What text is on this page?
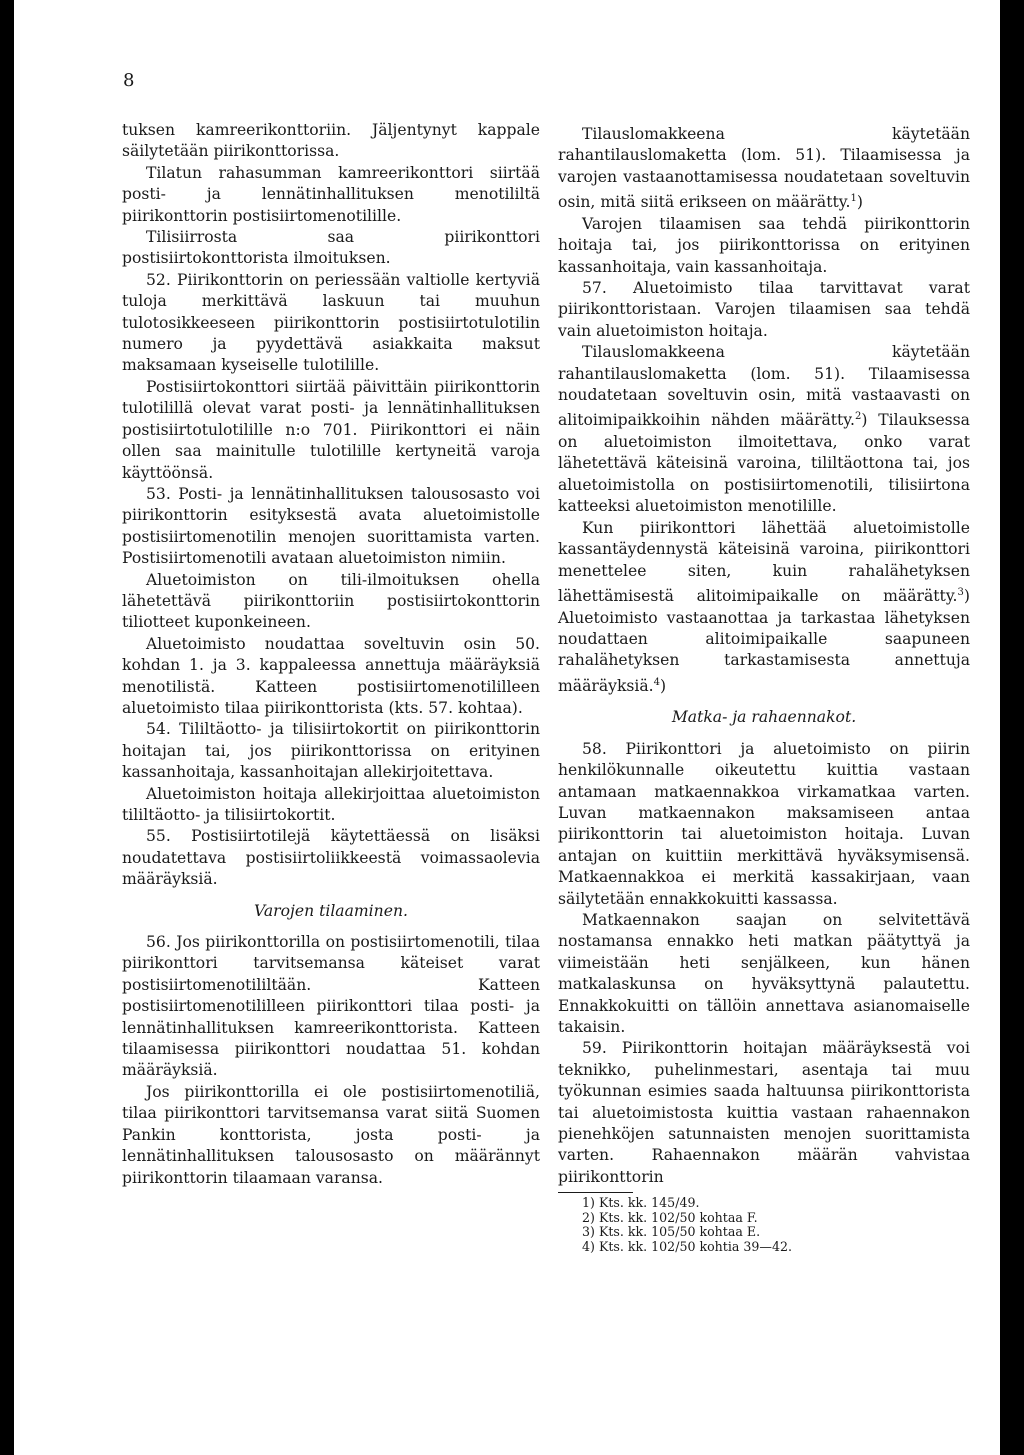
8

tuksen kamreerikonttoriin. Jäljentynyt kappale säilytetään piirikonttorissa.

Tilatun rahasumman kamreerikonttori siirtää posti- ja lennätinhallituksen menotililtä piirikonttorin postisiirtomenotilille.

Tilisiirrosta saa piirikonttori postisiirtokonttorista ilmoituksen.

52. Piirikonttorin on periessään valtiolle kertyviä tuloja merkittävä laskuun tai muuhun tulotosikkeeseen piirikonttorin postisiirtotulotilin numero ja pyydettävä asiakkaita maksut maksamaan kyseiselle tulotilille.

Postisiirtokonttori siirtää päivittäin piirikonttorin tulotilillä olevat varat posti- ja lennätinhallituksen postisiirtotulotilille n:o 701. Piirikonttori ei näin ollen saa mainitulle tulotilille kertyneitä varoja käyttöönsä.

53. Posti- ja lennätinhallituksen talousosasto voi piirikonttorin esityksestä avata aluetoimistolle postisiirtomenotilin menojen suorittamista varten. Postisiirtomenotili avataan aluetoimiston nimiin.

Aluetoimiston on tili-ilmoituksen ohella lähetettävä piirikonttoriin postisiirtokonttorin tiliotteet kuponkeineen.

Aluetoimisto noudattaa soveltuvin osin 50. kohdan 1. ja 3. kappaleessa annettuja määräyksiä menotilistä. Katteen postisiirtomenotililleen aluetoimisto tilaa piirikonttorista (kts. 57. kohtaa).

54. Tililtäotto- ja tilisiirtokortit on piirikonttorin hoitajan tai, jos piirikonttorissa on erityinen kassanhoitaja, kassanhoitajan allekirjoitettava.

Aluetoimiston hoitaja allekirjoittaa aluetoimiston tililtäotto- ja tilisiirtokortit.

55. Postisiirtotilejä käytettäessä on lisäksi noudatettava postisiirtoliikkeestä voimassaolevia määräyksiä.

Varojen tilaaminen.

56. Jos piirikonttorilla on postisiirtomenotili, tilaa piirikonttori tarvitsemansa käteiset varat postisiirtomenotililtään. Katteen postisiirtomenotililleen piirikonttori tilaa posti- ja lennätinhallituksen kamreerikonttorista. Katteen tilaamisessa piirikonttori noudattaa 51. kohdan määräyksiä.

Jos piirikonttorilla ei ole postisiirtomenotiliä, tilaa piirikonttori tarvitsemansa varat siitä Suomen Pankin konttorista, josta posti- ja lennätinhallituksen talousosasto on määrännyt piirikonttorin tilaamaan varansa.

Tilauslomakkeena käytetään rahantilauslomaketta (lom. 51). Tilaamisessa ja varojen vastaanottamisessa noudatetaan soveltuvin osin, mitä siitä erikseen on määrätty.$^1$)

Varojen tilaamisen saa tehdä piirikonttorin hoitaja tai, jos piirikonttorissa on erityinen kassanhoitaja, vain kassanhoitaja.

57. Aluetoimisto tilaa tarvittavat varat piirikonttoristaan. Varojen tilaamisen saa tehdä vain aluetoimiston hoitaja.

Tilauslomakkeena käytetään rahantilauslomaketta (lom. 51). Tilaamisessa noudatetaan soveltuvin osin, mitä vastaavasti on alitoimipaikkoihin nähden määrätty.$^2$) Tilauksessa on aluetoimiston ilmoitettava, onko varat lähetettävä käteisinä varoina, tililtäottona tai, jos aluetoimistolla on postisiirtomenotili, tilisiirtona katteeksi aluetoimiston menotilille.

Kun piirikonttori lähettää aluetoimistolle kassantäydennystä käteisinä varoina, piirikonttori menettelee siten, kuin rahalähetyksen lähettämisestä alitoimipaikalle on määrätty.$^3$) Aluetoimisto vastaanottaa ja tarkastaa lähetyksen noudattaen alitoimipaikalle saapuneen rahalähetyksen tarkastamisesta annettuja määräyksiä.$^4$)

Matka- ja rahaennakot.

58. Piirikonttori ja aluetoimisto on piirin henkilökunnalle oikeutettu kuittia vastaan antamaan matkaennakkoa virkamatkaa varten. Luvan matkaennakon maksamiseen antaa piirikonttorin tai aluetoimiston hoitaja. Luvan antajan on kuittiin merkittävä hyväksymisensä. Matkaennakkoa ei merkitä kassakirjaan, vaan säilytetään ennakkokuitti kassassa.

Matkaennakon saajan on selvitettävä nostamansa ennakko heti matkan päätyttyä ja viimeistään heti senjälkeen, kun hänen matkalaskunsa on hyväksyttynä palautettu. Ennakkokuitti on tällöin annettava asianomaiselle takaisin.

59. Piirikonttorin hoitajan määräyksestä voi teknikko, puhelinmestari, asentaja tai muu työkunnan esimies saada haltuunsa piirikonttorista tai aluetoimistosta kuittia vastaan rahaennakon pienehköjen satunnaisten menojen suorittamista varten. Rahaennakon määrän vahvistaa piirikonttorin

1) Kts. kk. 145/49.
2) Kts. kk. 102/50 kohtaa F.
3) Kts. kk. 105/50 kohtaa E.
4) Kts. kk. 102/50 kohtia 39—42.
